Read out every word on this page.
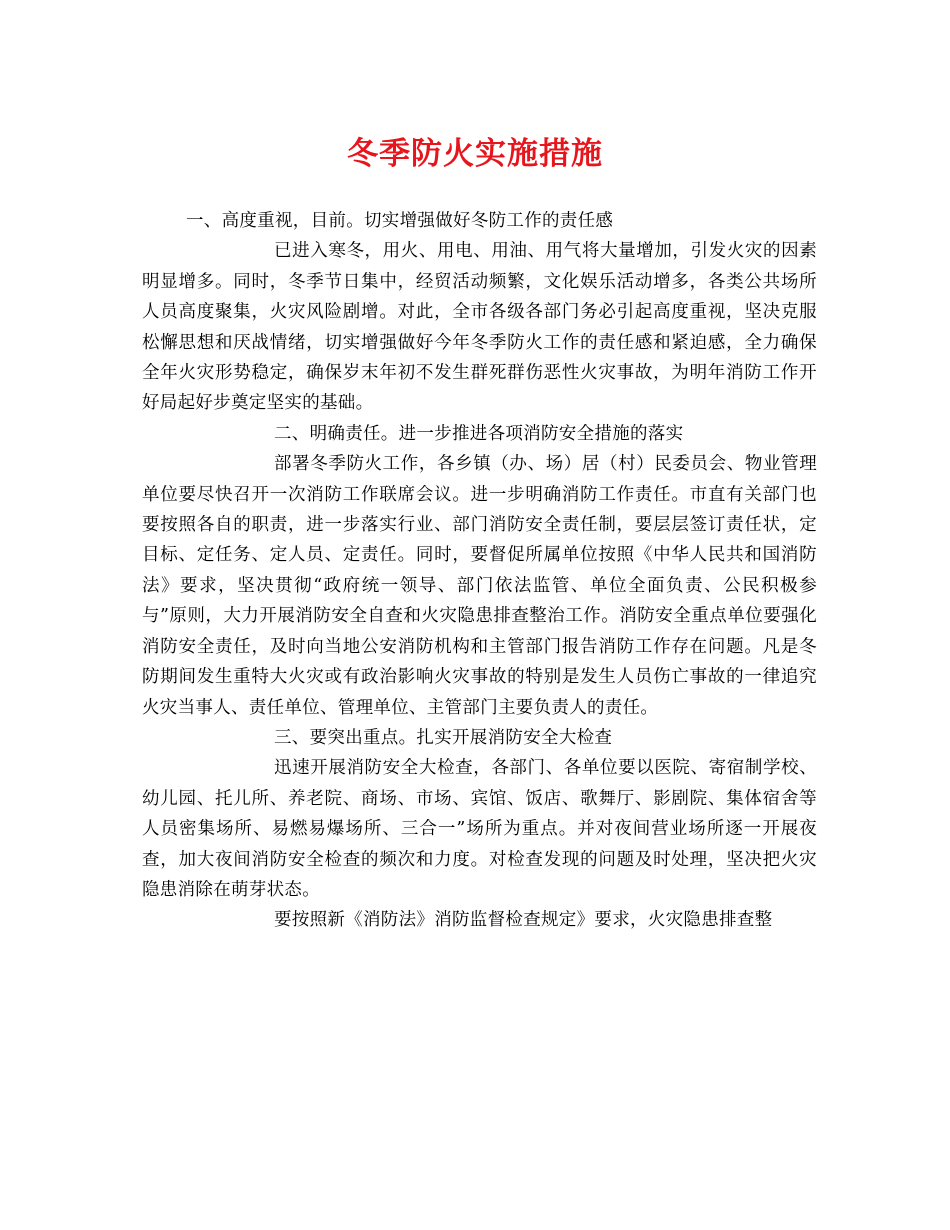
冬季防火实施措施

一、高度重视，目前。切实增强做好冬防工作的责任感

已进入寒冬，用火、用电、用油、用气将大量增加，引发火灾的因素明显增多。同时，冬季节日集中，经贸活动频繁，文化娱乐活动增多，各类公共场所人员高度聚集，火灾风险剧增。对此，全市各级各部门务必引起高度重视，坚决克服松懈思想和厌战情绪，切实增强做好今年冬季防火工作的责任感和紧迫感，全力确保全年火灾形势稳定，确保岁末年初不发生群死群伤恶性火灾事故，为明年消防工作开好局起好步奠定坚实的基础。

二、明确责任。进一步推进各项消防安全措施的落实

部署冬季防火工作，各乡镇（办、场）居（村）民委员会、物业管理单位要尽快召开一次消防工作联席会议。进一步明确消防工作责任。市直有关部门也要按照各自的职责，进一步落实行业、部门消防安全责任制，要层层签订责任状，定目标、定任务、定人员、定责任。同时，要督促所属单位按照《中华人民共和国消防法》要求，坚决贯彻“政府统一领导、部门依法监管、单位全面负责、公民积极参与”原则，大力开展消防安全自查和火灾隐患排查整治工作。消防安全重点单位要强化消防安全责任，及时向当地公安消防机构和主管部门报告消防工作存在问题。凡是冬防期间发生重特大火灾或有政治影响火灾事故的特别是发生人员伤亡事故的一律追究火灾当事人、责任单位、管理单位、主管部门主要负责人的责任。

三、要突出重点。扎实开展消防安全大检查

迅速开展消防安全大检查，各部门、各单位要以医院、寄宿制学校、幼儿园、托儿所、养老院、商场、市场、宾馆、饭店、歌舞厅、影剧院、集体宿舍等人员密集场所、易燃易爆场所、三合一”场所为重点。并对夜间营业场所逐一开展夜查，加大夜间消防安全检查的频次和力度。对检查发现的问题及时处理，坚决把火灾隐患消除在萌芽状态。

要按照新《消防法》消防监督检查规定》要求，火灾隐患排查整
